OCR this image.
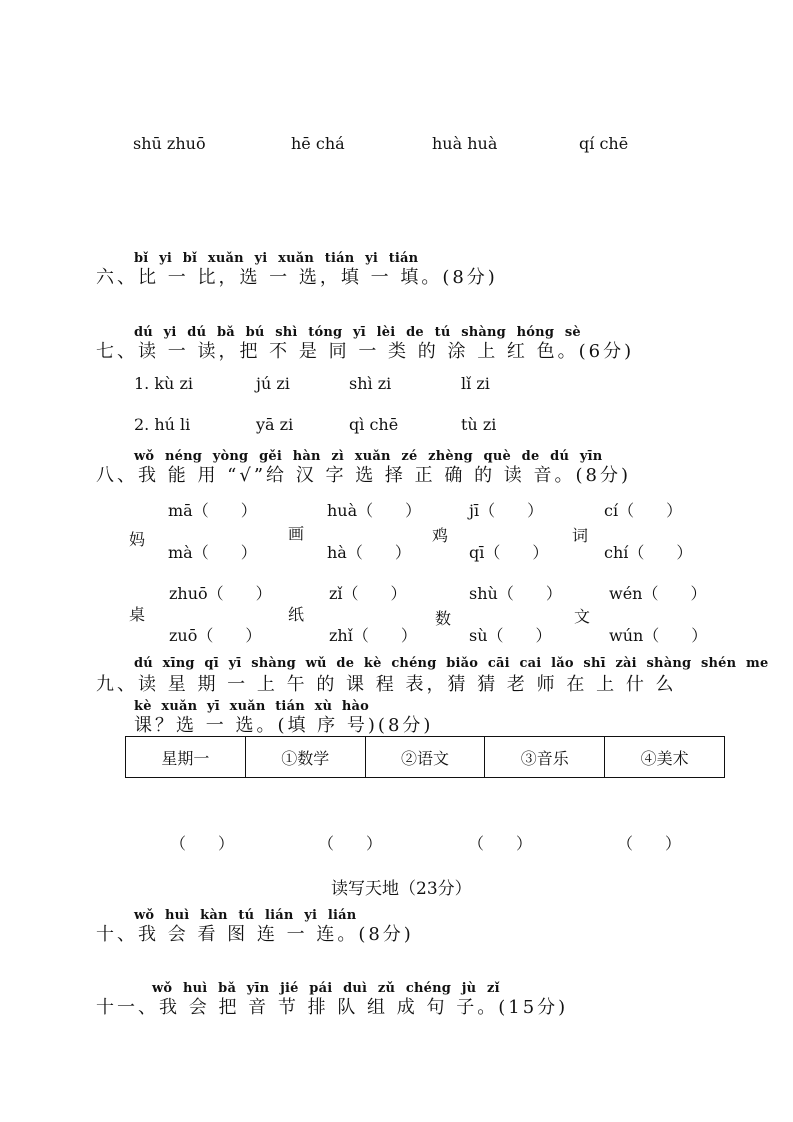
shū zhuō	hē chá	huà huà	qí chē
bǐ yi bǐ xuǎn yi xuǎn tián yi tián
六、比 一 比，选 一 选，填 一 填。(8分)
dú yi dú bǎ bú shì tóng yī lèi de tú shàng hóng sè
七、读 一 读，把 不 是 同 一 类 的 涂 上 红 色。(6分)
1. kù zi	jú zi	shì zi	lǐ zi
2. hú li	yā zi	qì chē	tù zi
wǒ néng yòng gěi hàn zì xuǎn zé zhèng què de dú yīn
八、我 能 用 “√”给 汉 字 选 择 正 确 的 读 音。(8分)
妈
mā（　　）
mà（　　）
画
huà（　　）
hà（　　）
鸡
jī（　　）
qī（　　）
词
cí（　　）
chí（　　）
桌
zhuō（　　）
zuō（　　）
纸
zǐ（　　）
zhǐ（　　）
数
shù（　　）
sù（　　）
文
wén（　　）
wún（　　）
dú xīng qī yī shàng wǔ de kè chéng biǎo cāi cai lǎo shī zài shàng shén me
九、读 星 期 一 上 午 的 课 程 表，猜 猜 老 师 在 上 什 么
kè xuǎn yī xuǎn tián xù hào
课？选 一 选。(填 序 号)(8分)
星期一	①数学	②语文	③音乐	④美术
（　　）	（　　）	（　　）	（　　）
读写天地（23分）
wǒ huì kàn tú lián yi lián
十、我 会 看 图 连 一 连。(8分)
wǒ huì bǎ yīn jié pái duì zǔ chéng jù zǐ
十一、我 会 把 音 节 排 队 组 成 句 子。(15分)
